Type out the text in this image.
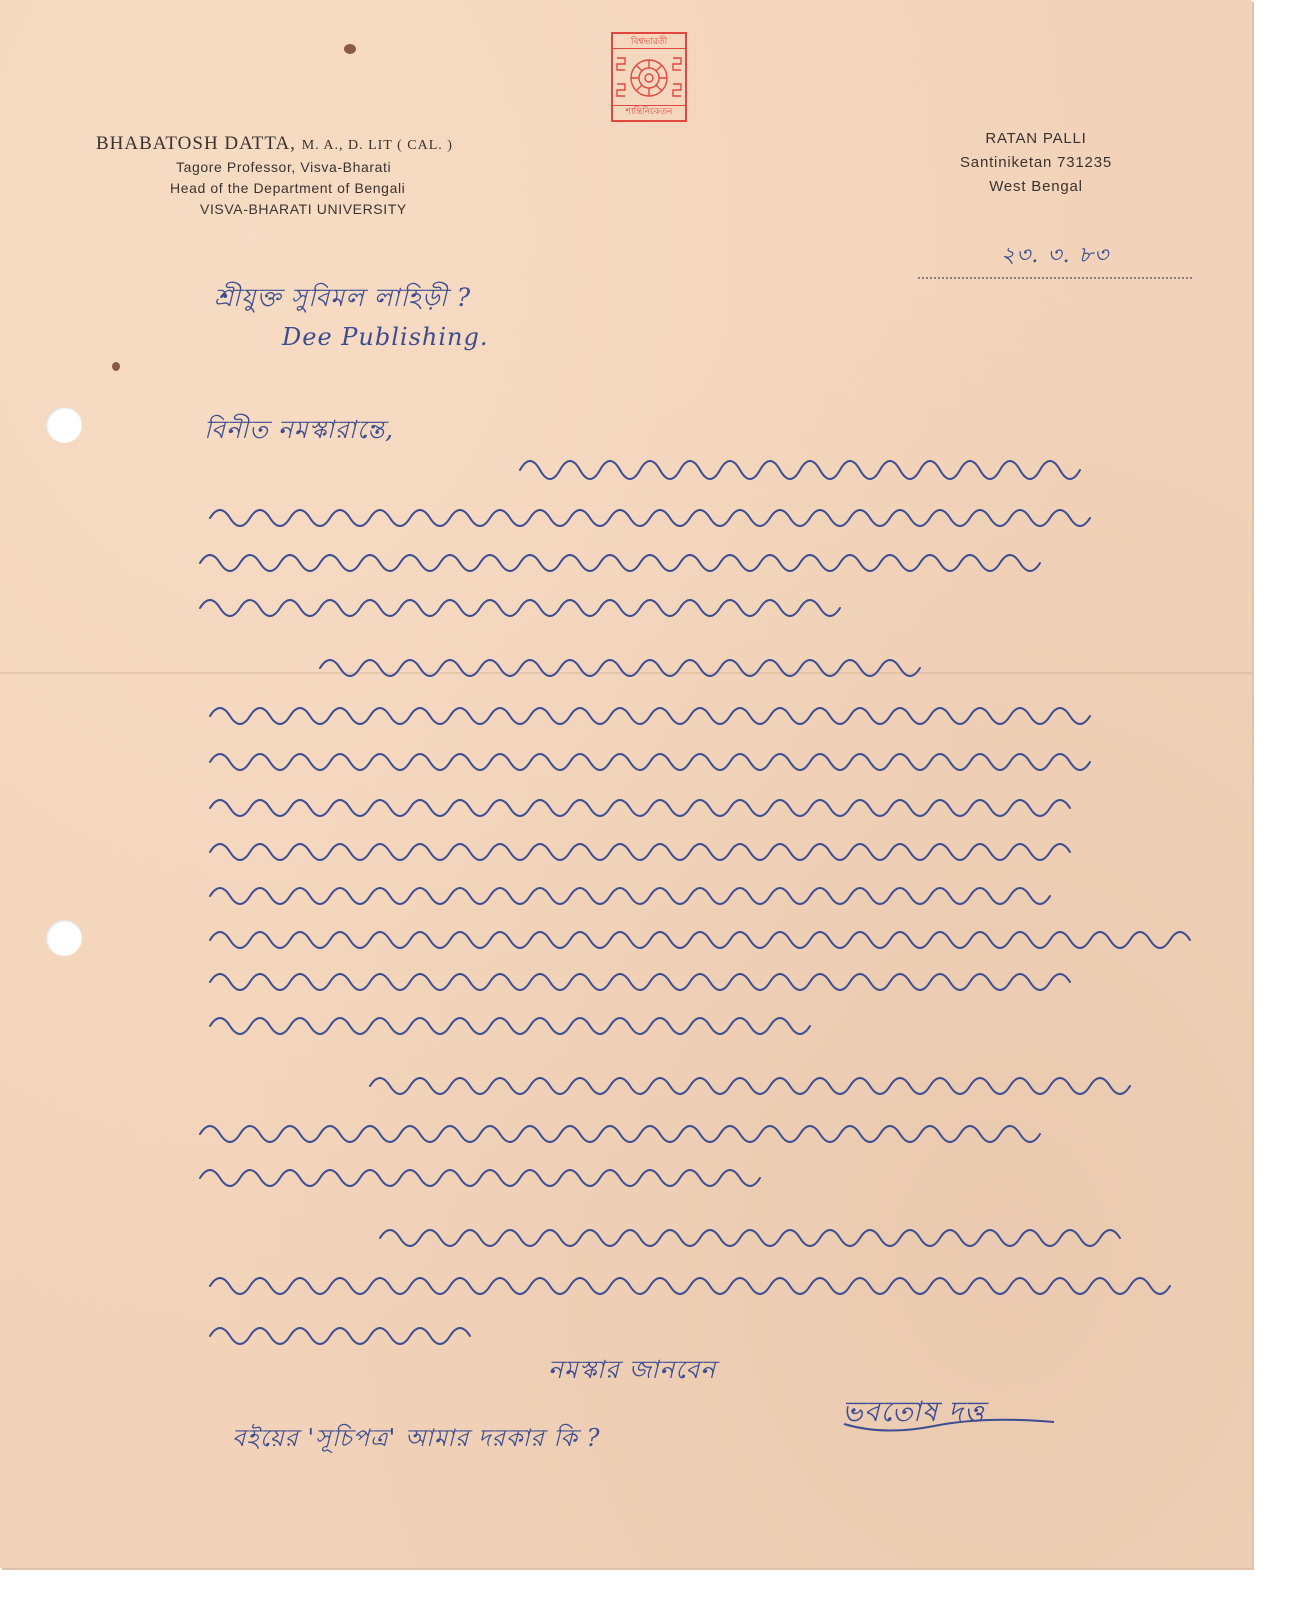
বিশ্বভারতী
শান্তিনিকেতন

BHABATOSH DATTA, M. A., D. LIT ( CAL. )

Tagore Professor, Visva-Bharati

Head of the Department of Bengali

VISVA-BHARATI UNIVERSITY

RATAN PALLI
Santiniketan 731235
West Bengal
২৩. ৩. ৮৩
শ্রীযুক্ত সুবিমল লাহিড়ী ?
Dee Publishing.
বিনীত নমস্কারান্তে,
নমস্কার জানবেন
ভবতোষ দত্ত
বইয়ের 'সূচিপত্র' আমার দরকার কি ?
